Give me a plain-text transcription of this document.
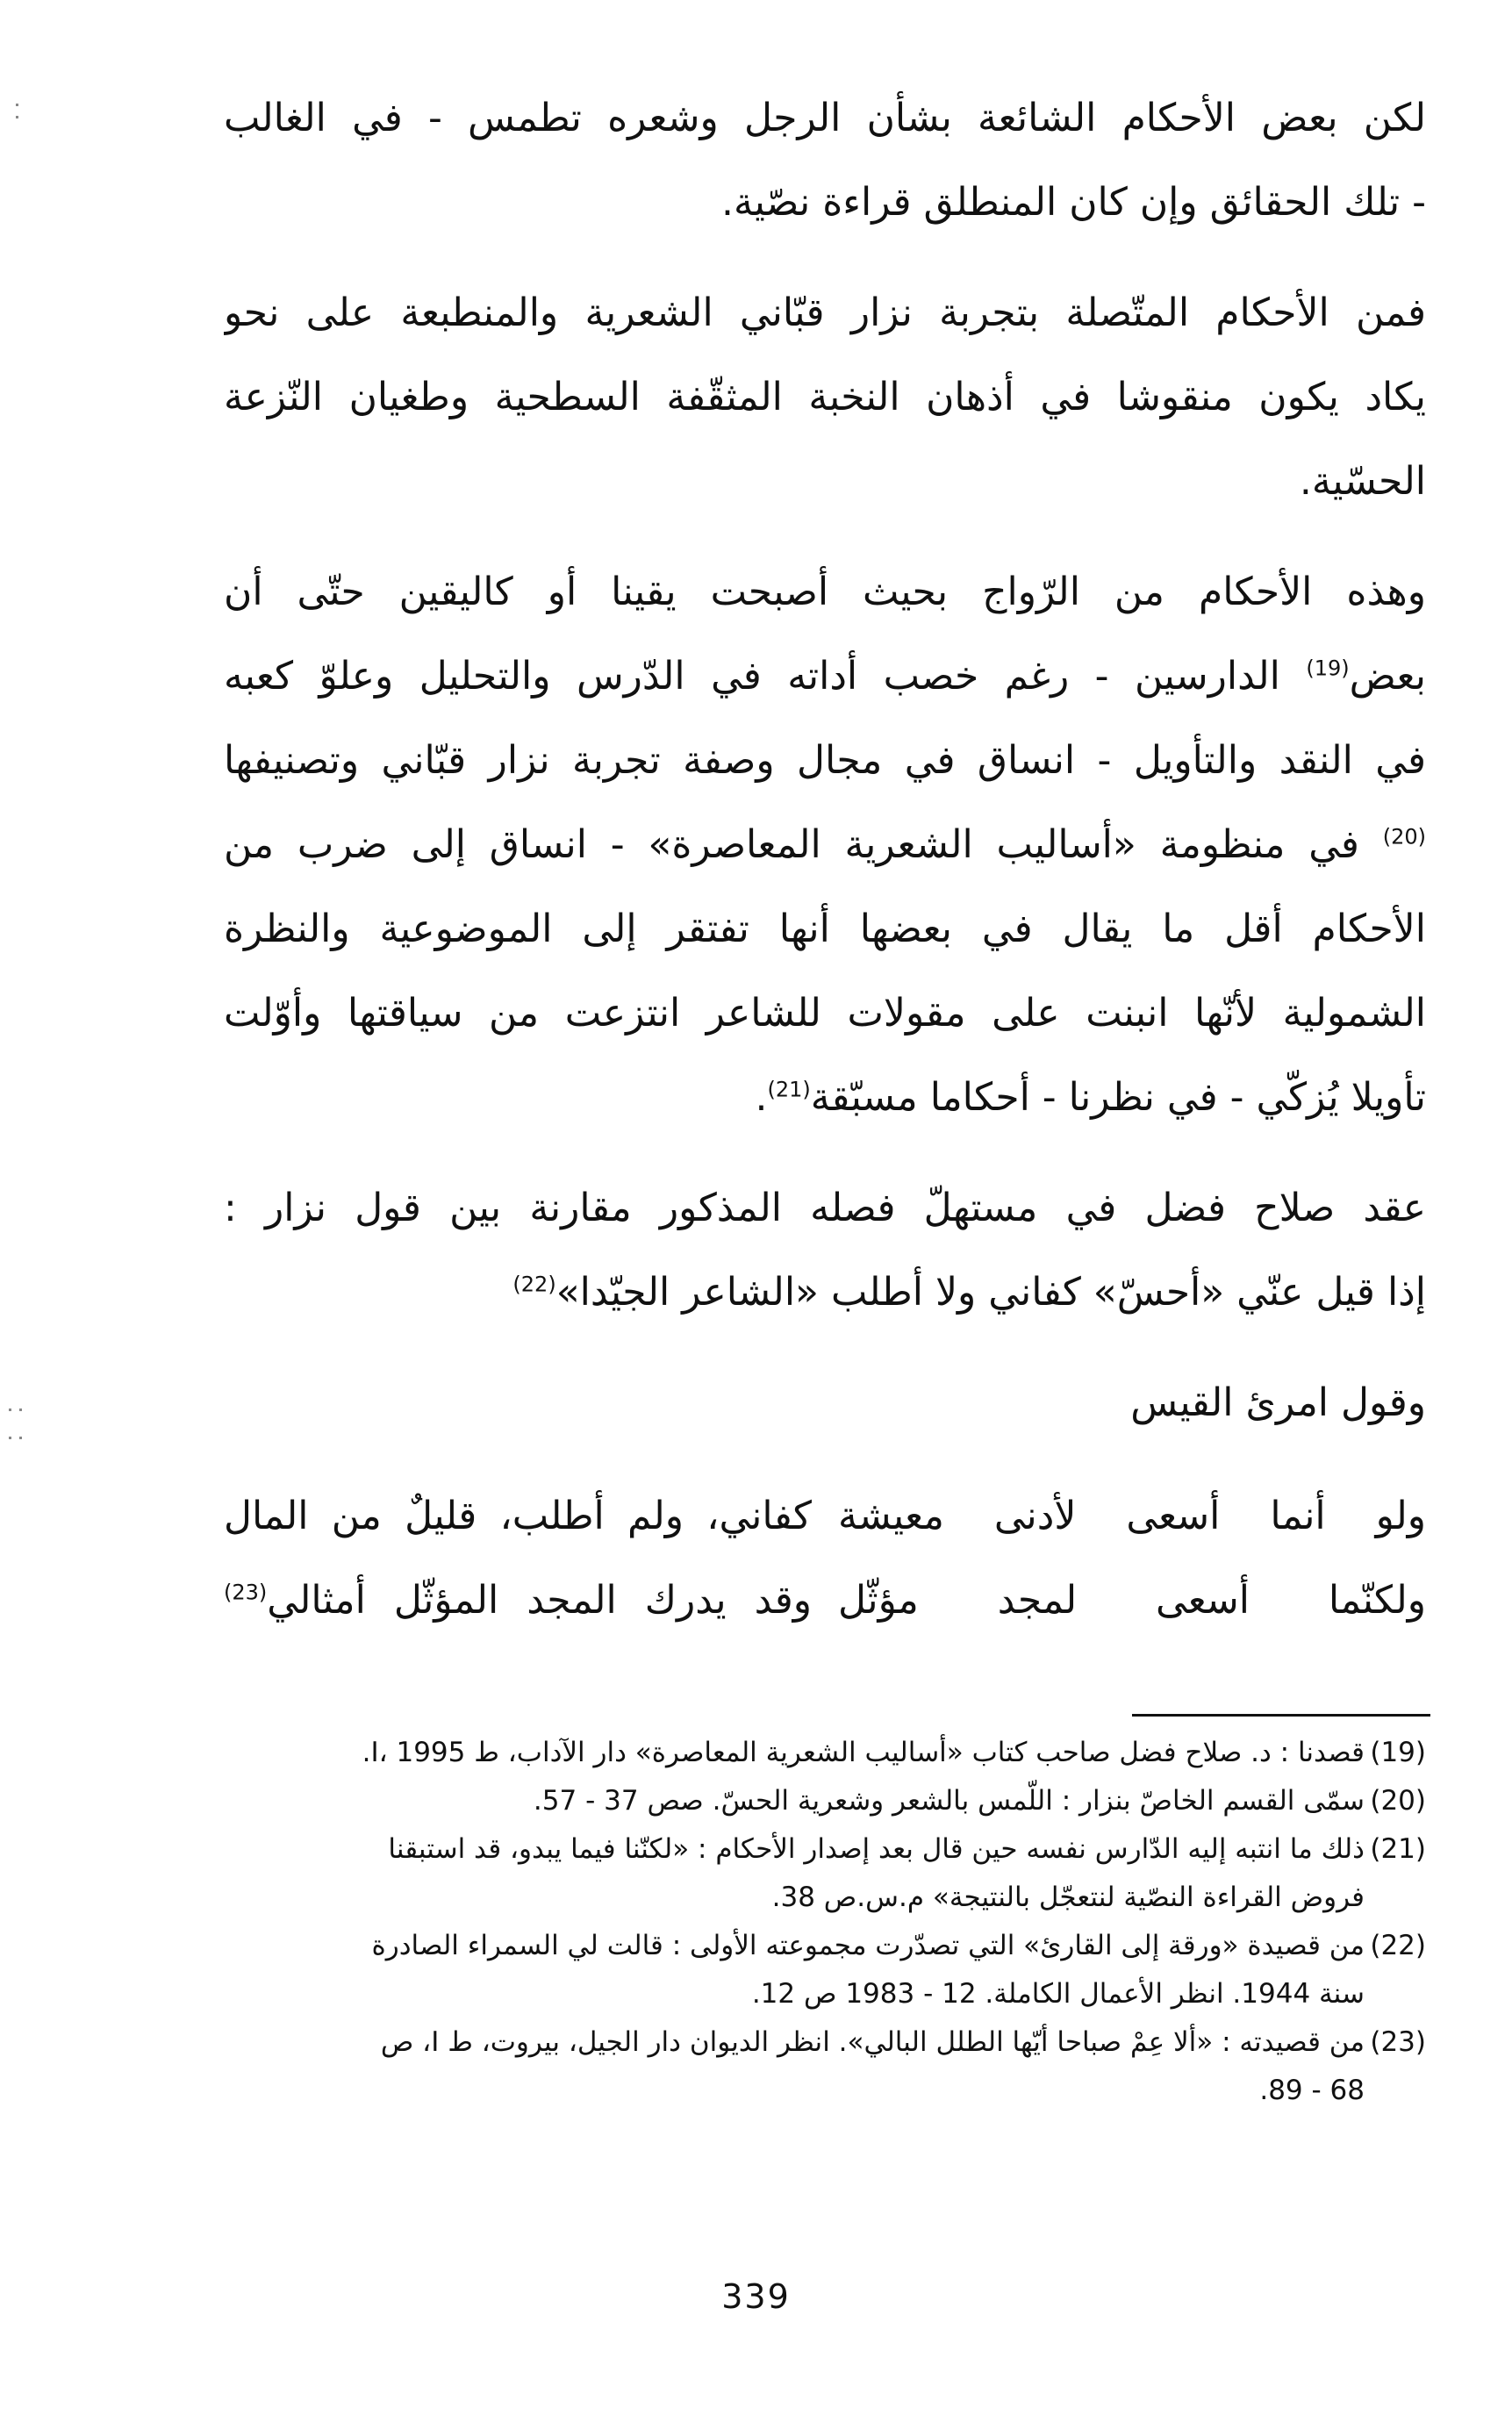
لكن بعض الأحكام الشائعة بشأن الرجل وشعره تطمس - في الغالب
- تلك الحقائق وإن كان المنطلق قراءة نصّية.
فمن الأحكام المتّصلة بتجربة نزار قبّاني الشعرية والمنطبعة على نحو
يكاد يكون منقوشا في أذهان النخبة المثقّفة السطحية وطغيان النّزعة
الحسّية.
وهذه الأحكام من الرّواج بحيث أصبحت يقينا أو كاليقين حتّى أن
بعض$^{(19)}$ الدارسين - رغم خصب أداته في الدّرس والتحليل وعلوّ كعبه
في النقد والتأويل - انساق في مجال وصفة تجربة نزار قبّاني وتصنيفها
$^{(20)}$ في منظومة «أساليب الشعرية المعاصرة» - انساق إلى ضرب من
الأحكام أقل ما يقال في بعضها أنها تفتقر إلى الموضوعية والنظرة
الشمولية لأنّها انبنت على مقولات للشاعر انتزعت من سياقتها وأوّلت
تأويلا يُزكّي - في نظرنا - أحكاما مسبّقة$^{(21)}$.
عقد صلاح فضل في مستهلّ فصله المذكور مقارنة بين قول نزار :
إذا قيل عنّي «أحسّ» كفاني ولا أطلب «الشاعر الجيّدا»$^{(22)}$
وقول امرئ القيس
ولو أنما أسعى لأدنى معيشة
كفاني، ولم أطلب، قليلٌ من المال
ولكنّما أسعى لمجد مؤثّل
وقد يدرك المجد المؤثّل أمثالي$^{(23)}$
(19)قصدنا : د. صلاح فضل صاحب كتاب «أساليب الشعرية المعاصرة» دار الآداب، ط I، 1995.
(20)سمّى القسم الخاصّ بنزار : اللّمس بالشعر وشعرية الحسّ. صص 37 - 57.
(21)ذلك ما انتبه إليه الدّارس نفسه حين قال بعد إصدار الأحكام : «لكنّنا فيما يبدو، قد استبقنا
فروض القراءة النصّية لنتعجّل بالنتيجة» م.س.ص 38.
(22)من قصيدة «ورقة إلى القارئ» التي تصدّرت مجموعته الأولى : قالت لي السمراء الصادرة
سنة 1944. انظر الأعمال الكاملة. 12 - 1983 ص 12.
(23)من قصيدته : «ألا عِمْ صباحا أيّها الطلل البالي». انظر الديوان دار الجيل، بيروت، ط I، ص
68 - 89.
339
